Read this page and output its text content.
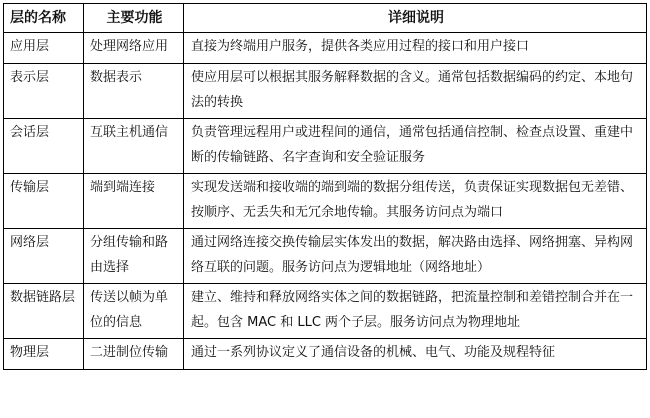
层的名称	主要功能	详细说明
应用层	处理网络应用	直接为终端用户服务，提供各类应用过程的接口和用户接口
表示层	数据表示	使应用层可以根据其服务解释数据的含义。通常包括数据编码的约定、本地句法的转换
会话层	互联主机通信	负责管理远程用户或进程间的通信，通常包括通信控制、检查点设置、重建中断的传输链路、名字查询和安全验证服务
传输层	端到端连接	实现发送端和接收端的端到端的数据分组传送，负责保证实现数据包无差错、按顺序、无丢失和无冗余地传输。其服务访问点为端口
网络层	分组传输和路由选择	通过网络连接交换传输层实体发出的数据，解决路由选择、网络拥塞、异构网络互联的问题。服务访问点为逻辑地址（网络地址）
数据链路层	传送以帧为单位的信息	建立、维持和释放网络实体之间的数据链路，把流量控制和差错控制合并在一起。包含 MAC 和 LLC 两个子层。服务访问点为物理地址
物理层	二进制位传输	通过一系列协议定义了通信设备的机械、电气、功能及规程特征
